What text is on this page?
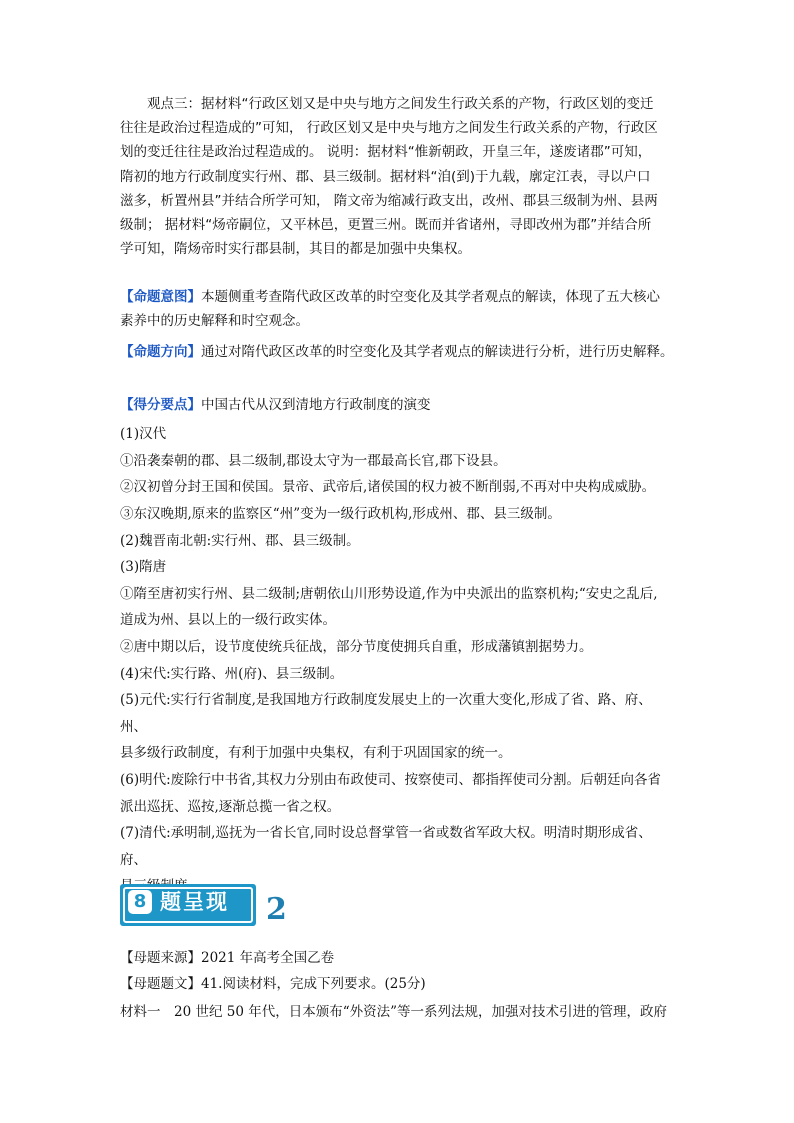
观点三：据材料“行政区划又是中央与地方之间发生行政关系的产物，行政区划的变迁

往往是政治过程造成的”可知， 行政区划又是中央与地方之间发生行政关系的产物，行政区

划的变迁往往是政治过程造成的。 说明：据材料“惟新朝政，开皇三年，遂废诸郡”可知，

隋初的地方行政制度实行州、郡、县三级制。据材料“洎(到)于九载，廓定江表，寻以户口

滋多，析置州县”并结合所学可知， 隋文帝为缩减行政支出，改州、郡县三级制为州、县两

级制； 据材料“炀帝嗣位，又平林邑，更置三州。既而并省诸州，寻即改州为郡”并结合所

学可知，隋炀帝时实行郡县制，其目的都是加强中央集权。

【命题意图】本题侧重考查隋代政区改革的时空变化及其学者观点的解读，体现了五大核心

素养中的历史解释和时空观念。

【命题方向】通过对隋代政区改革的时空变化及其学者观点的解读进行分析，进行历史解释。

【得分要点】中国古代从汉到清地方行政制度的演变

(1)汉代

①沿袭秦朝的郡、县二级制,郡设太守为一郡最高长官,郡下设县。

②汉初曾分封王国和侯国。景帝、武帝后,诸侯国的权力被不断削弱,不再对中央构成威胁。

③东汉晚期,原来的监察区“州”变为一级行政机构,形成州、郡、县三级制。

(2)魏晋南北朝:实行州、郡、县三级制。

(3)隋唐

①隋至唐初实行州、县二级制;唐朝依山川形势设道,作为中央派出的监察机构;“安史之乱后,

道成为州、县以上的一级行政实体。

②唐中期以后，设节度使统兵征战，部分节度使拥兵自重，形成藩镇割据势力。

(4)宋代:实行路、州(府)、县三级制。

(5)元代:实行行省制度,是我国地方行政制度发展史上的一次重大变化,形成了省、路、府、州、

县多级行政制度，有利于加强中央集权，有利于巩固国家的统一。

(6)明代:废除行中书省,其权力分别由布政使司、按察使司、都指挥使司分割。后朝廷向各省

派出巡抚、巡按,逐渐总揽一省之权。

(7)清代:承明制,巡抚为一省长官,同时设总督掌管一省或数省军政大权。明清时期形成省、府、

8 题呈现 2

【母题来源】2021 年高考全国乙卷

【母题题文】41.阅读材料，完成下列要求。(25分)

材料一　20 世纪 50 年代，日本颁布“外资法”等一系列法规，加强对技术引进的管理，政府
